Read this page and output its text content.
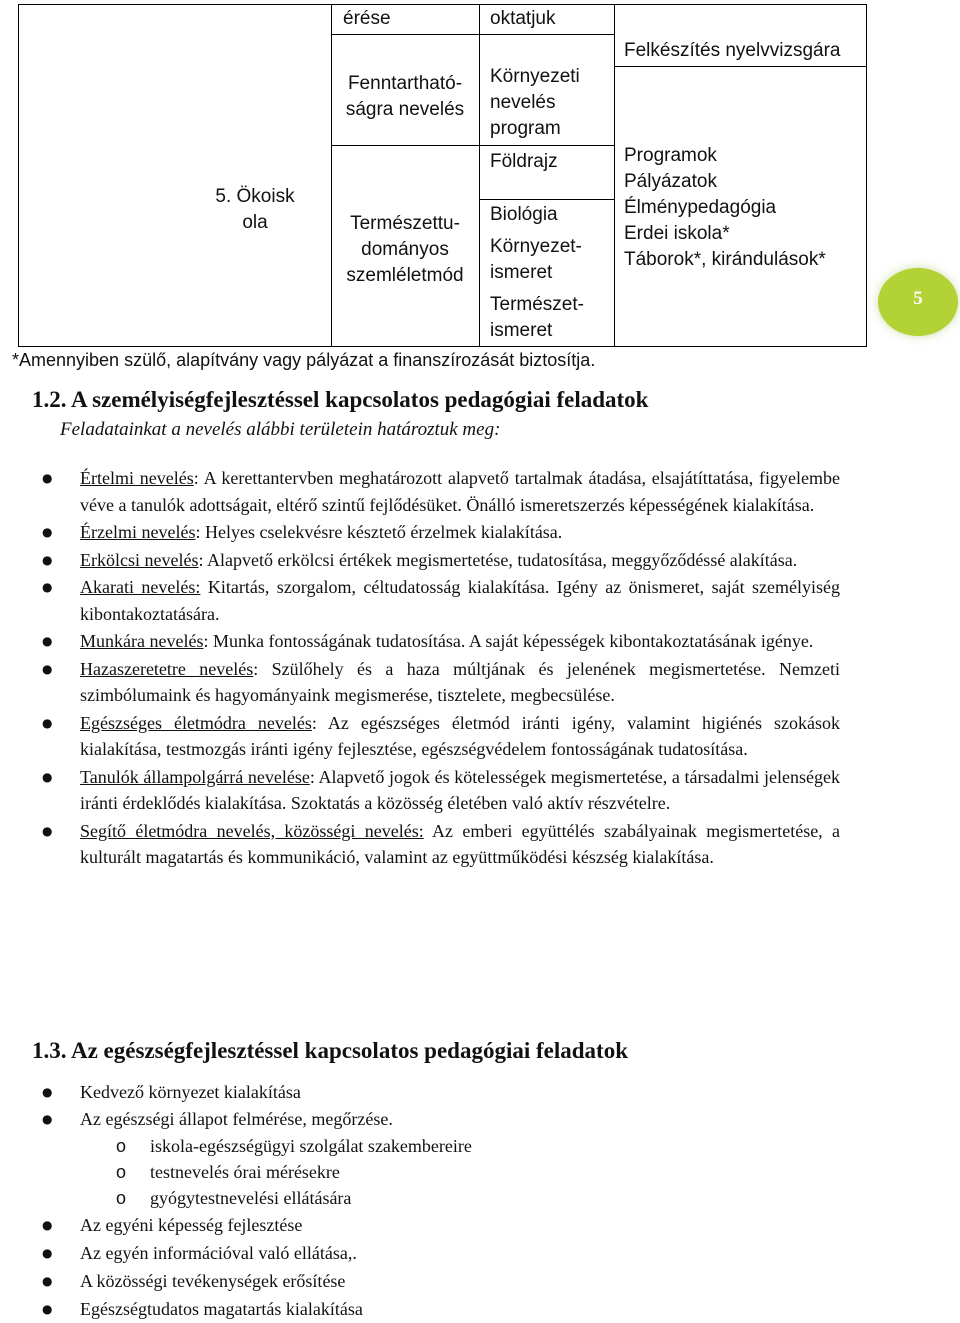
érése	oktatjuk
5. Ökoisk
ola
Fenntartható-
ságra nevelés
Környezeti
nevelés
program
Természettu-
dományos
szemléletmód
Földrajz
Biológia
Környezet-
ismeret
Természet-
ismeret
Felkészítés nyelvvizsgára
Programok
Pályázatok
Élménypedagógia
Erdei iskola*
Táborok*, kirándulások*
*Amennyiben szülő, alapítvány vagy pályázat a finanszírozását biztosítja.
5
1.2. A személyiségfejlesztéssel kapcsolatos pedagógiai feladatok
Feladatainkat a nevelés alábbi területein határoztuk meg:
● Értelmi nevelés: A kerettantervben meghatározott alapvető tartalmak átadása, elsajátíttatása, figyelembe véve a tanulók adottságait, eltérő szintű fejlődésüket. Önálló ismeretszerzés képességének kialakítása.
● Érzelmi nevelés: Helyes cselekvésre késztető érzelmek kialakítása.
● Erkölcsi nevelés: Alapvető erkölcsi értékek megismertetése, tudatosítása, meggyőződéssé alakítása.
● Akarati nevelés: Kitartás, szorgalom, céltudatosság kialakítása. Igény az önismeret, saját személyiség kibontakoztatására.
● Munkára nevelés: Munka fontosságának tudatosítása. A saját képességek kibontakoztatásának igénye.
● Hazaszeretetre nevelés: Szülőhely és a haza múltjának és jelenének megismertetése. Nemzeti szimbólumaink és hagyományaink megismerése, tisztelete, megbecsülése.
● Egészséges életmódra nevelés: Az egészséges életmód iránti igény, valamint higiénés szokások kialakítása, testmozgás iránti igény fejlesztése, egészségvédelem fontosságának tudatosítása.
● Tanulók állampolgárrá nevelése: Alapvető jogok és kötelességek megismertetése, a társadalmi jelenségek iránti érdeklődés kialakítása. Szoktatás a közösség életében való aktív részvételre.
● Segítő életmódra nevelés, közösségi nevelés: Az emberi együttélés szabályainak megismertetése, a kulturált magatartás és kommunikáció, valamint az együttműködési készség kialakítása.
1.3. Az egészségfejlesztéssel kapcsolatos pedagógiai feladatok
● Kedvező környezet kialakítása
● Az egészségi állapot felmérése, megőrzése.
o iskola-egészségügyi szolgálat szakembereire
o testnevelés órai mérésekre
o gyógytestnevelési ellátására
● Az egyéni képesség fejlesztése
● Az egyén információval való ellátása,.
● A közösségi tevékenységek erősítése
● Egészségtudatos magatartás kialakítása
